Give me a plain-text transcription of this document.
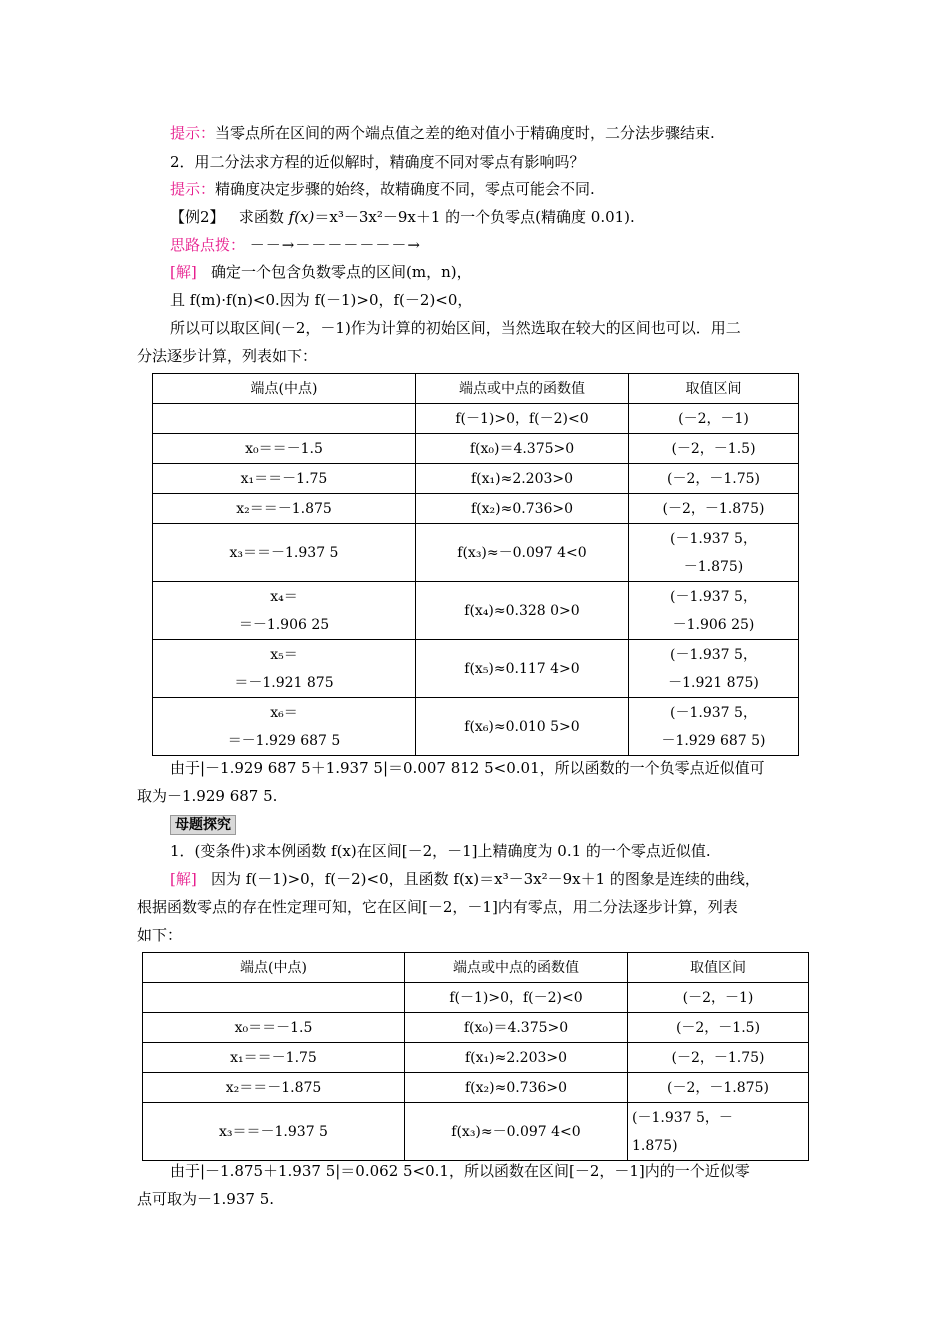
提示：当零点所在区间的两个端点值之差的绝对值小于精确度时，二分法步骤结束.
2．用二分法求方程的近似解时，精确度不同对零点有影响吗？
提示：精确度决定步骤的始终，故精确度不同，零点可能会不同.
【例2】 求函数 f(x)＝x³－3x²－9x＋1 的一个负零点(精确度 0.01).
思路点拨： －－→－－－－－－－→
[解] 确定一个包含负数零点的区间(m，n)，
且 f(m)·f(n)<0.因为 f(－1)>0，f(－2)<0，
所以可以取区间(－2，－1)作为计算的初始区间，当然选取在较大的区间也可以．用二
分法逐步计算，列表如下：
端点(中点)	端点或中点的函数值	取值区间
	f(－1)>0，f(－2)<0	(－2，－1)
x₀＝＝－1.5	f(x₀)＝4.375>0	(－2，－1.5)
x₁＝＝－1.75	f(x₁)≈2.203>0	(－2，－1.75)
x₂＝＝－1.875	f(x₂)≈0.736>0	(－2，－1.875)
x₃＝＝－1.937 5	f(x₃)≈－0.097 4<0	(－1.937 5，
－1.875)
x₄＝
＝－1.906 25	f(x₄)≈0.328 0>0	(－1.937 5，
－1.906 25)
x₅＝
＝－1.921 875	f(x₅)≈0.117 4>0	(－1.937 5，
－1.921 875)
x₆＝
＝－1.929 687 5	f(x₆)≈0.010 5>0	(－1.937 5，
－1.929 687 5)
由于|－1.929 687 5＋1.937 5|＝0.007 812 5<0.01，所以函数的一个负零点近似值可
取为－1.929 687 5.
母题探究
1．(变条件)求本例函数 f(x)在区间[－2，－1]上精确度为 0.1 的一个零点近似值.
[解] 因为 f(－1)>0，f(－2)<0，且函数 f(x)＝x³－3x²－9x＋1 的图象是连续的曲线，
根据函数零点的存在性定理可知，它在区间[－2，－1]内有零点，用二分法逐步计算，列表
如下：
端点(中点)	端点或中点的函数值	取值区间
	f(－1)>0，f(－2)<0	(－2，－1)
x₀＝＝－1.5	f(x₀)＝4.375>0	(－2，－1.5)
x₁＝＝－1.75	f(x₁)≈2.203>0	(－2，－1.75)
x₂＝＝－1.875	f(x₂)≈0.736>0	(－2，－1.875)
x₃＝＝－1.937 5	f(x₃)≈－0.097 4<0	(－1.937 5，－
1.875)
由于|－1.875＋1.937 5|＝0.062 5<0.1，所以函数在区间[－2，－1]内的一个近似零
点可取为－1.937 5.
